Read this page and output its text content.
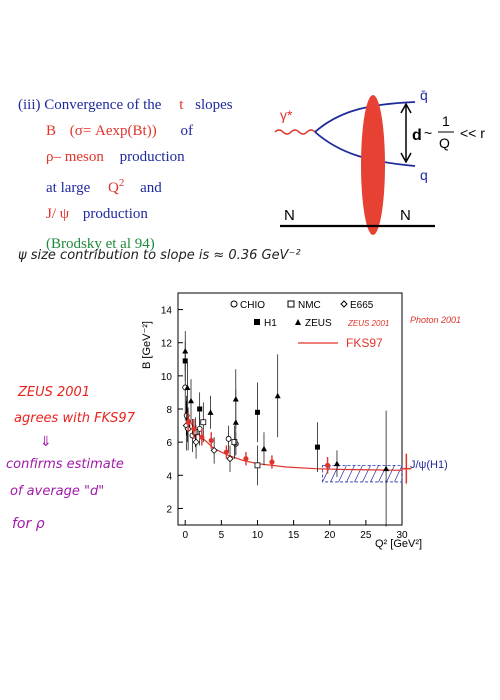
(iii) Convergence of the t slopes
B (σ= Aexp(Bt)) of
ρ– meson production
at large $Q^2$ and
J/ ψ production
(Brodsky et al 94)
ψ size contribution to slope is ≈ 0.36 GeV⁻²
γ*
q̄
q
N	N
d ~
1
Q
<< r
ZEUS 2001
agrees with FKS97
⇓
confirms estimate
of average "d"
for ρ
0	5	10	15	20	25	30
2
4
6
8
10
12
14
CHIO	NMC	E665
H1	ZEUS ZEUS 2001
FKS97
Photon 2001
B [GeV⁻²]
Q² [GeV²]
J/ψ(H1)
